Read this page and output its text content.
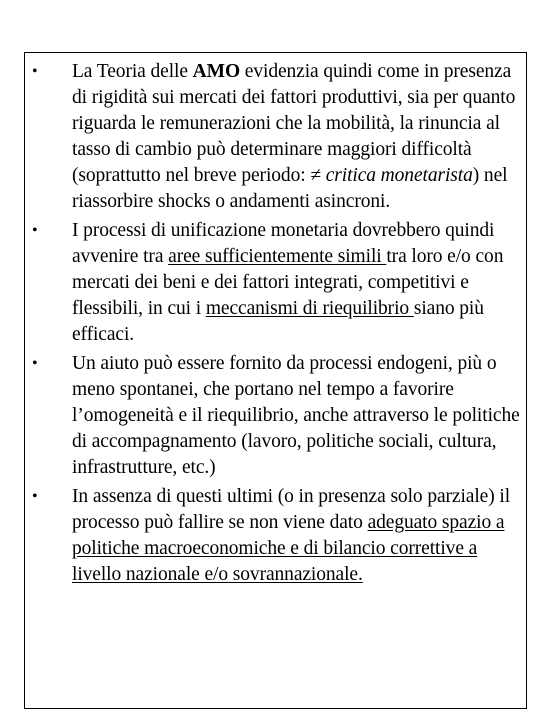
• La Teoria delle AMO evidenzia quindi come in presenza di rigidità sui mercati dei fattori produttivi, sia per quanto riguarda le remunerazioni che la mobilità, la rinuncia al tasso di cambio può determinare maggiori difficoltà (soprattutto nel breve periodo: ≠ critica monetarista) nel riassorbire shocks o andamenti asincroni.
• I processi di unificazione monetaria dovrebbero quindi avvenire tra aree sufficientemente simili tra loro e/o con mercati dei beni e dei fattori integrati, competitivi e flessibili, in cui i meccanismi di riequilibrio siano più efficaci.
• Un aiuto può essere fornito da processi endogeni, più o meno spontanei, che portano nel tempo a favorire l’omogeneità e il riequilibrio, anche attraverso le politiche di accompagnamento (lavoro, politiche sociali, cultura, infrastrutture, etc.)
• In assenza di questi ultimi (o in presenza solo parziale) il processo può fallire se non viene dato adeguato spazio a politiche macroeconomiche e di bilancio correttive a livello nazionale e/o sovrannazionale.
